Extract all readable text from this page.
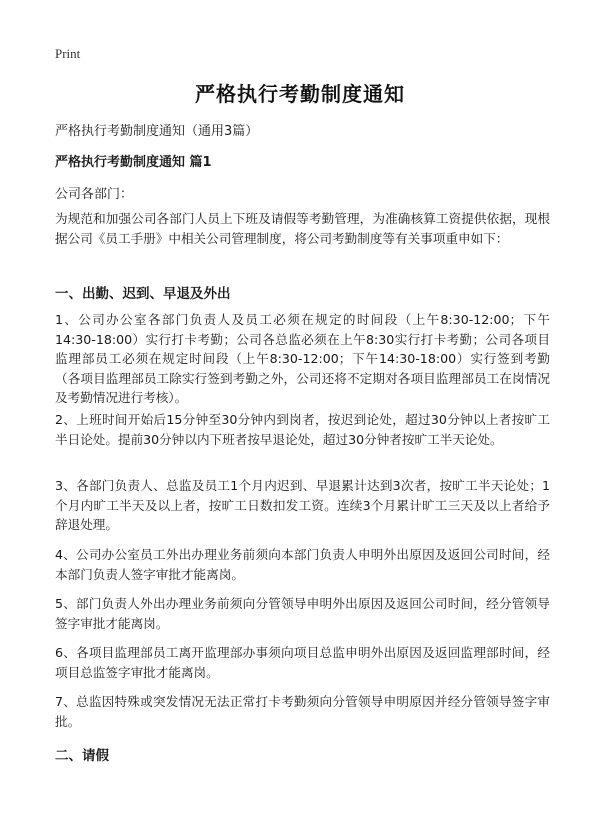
Print
严格执行考勤制度通知
严格执行考勤制度通知（通用3篇）
严格执行考勤制度通知 篇1
公司各部门：
为规范和加强公司各部门人员上下班及请假等考勤管理，为准确核算工资提供依据，现根据公司《员工手册》中相关公司管理制度，将公司考勤制度等有关事项重申如下：
一、出勤、迟到、早退及外出
1、公司办公室各部门负责人及员工必须在规定的时间段（上午8:30-12:00；下午14:30-18:00）实行打卡考勤；公司各总监必须在上午8:30实行打卡考勤；公司各项目监理部员工必须在规定时间段（上午8:30-12:00；下午14:30-18:00）实行签到考勤（各项目监理部员工除实行签到考勤之外，公司还将不定期对各项目监理部员工在岗情况及考勤情况进行考核）。
2、上班时间开始后15分钟至30分钟内到岗者，按迟到论处，超过30分钟以上者按旷工半日论处。提前30分钟以内下班者按早退论处，超过30分钟者按旷工半天论处。
3、各部门负责人、总监及员工1个月内迟到、早退累计达到3次者，按旷工半天论处；1个月内旷工半天及以上者，按旷工日数扣发工资。连续3个月累计旷工三天及以上者给予辞退处理。
4、公司办公室员工外出办理业务前须向本部门负责人申明外出原因及返回公司时间，经本部门负责人签字审批才能离岗。
5、部门负责人外出办理业务前须向分管领导申明外出原因及返回公司时间，经分管领导签字审批才能离岗。
6、各项目监理部员工离开监理部办事须向项目总监申明外出原因及返回监理部时间，经项目总监签字审批才能离岗。
7、总监因特殊或突发情况无法正常打卡考勤须向分管领导申明原因并经分管领导签字审批。
二、请假
